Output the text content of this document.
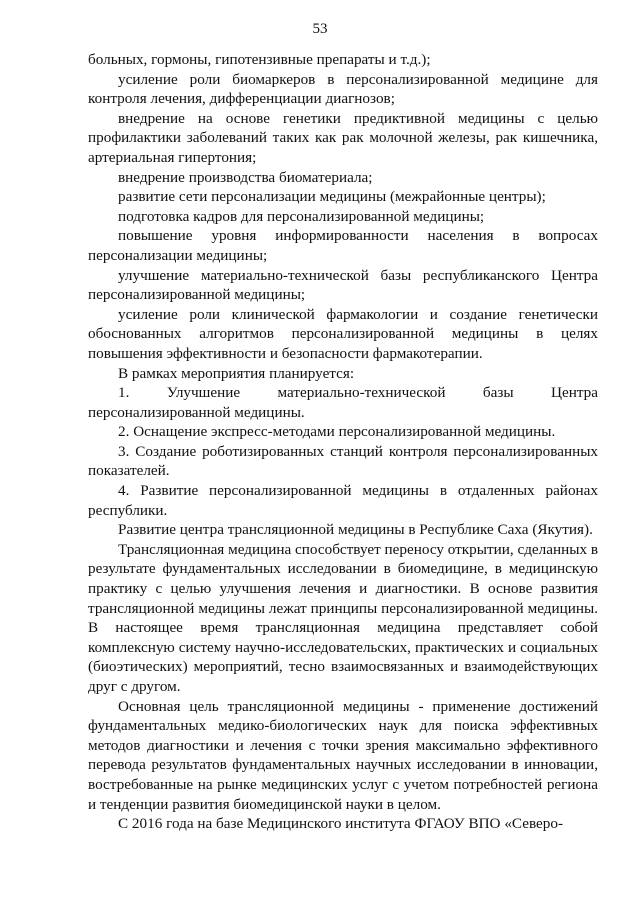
53

больных, гормоны, гипотензивные препараты и т.д.);

усиление роли биомаркеров в персонализированной медицине для контроля лечения, дифференциации диагнозов;

внедрение на основе генетики предиктивной медицины с целью профилактики заболеваний таких как рак молочной железы, рак кишечника, артериальная гипертония;

внедрение производства биоматериала;

развитие сети персонализации медицины (межрайонные центры);

подготовка кадров для персонализированной медицины;

повышение уровня информированности населения в вопросах персонализации медицины;

улучшение материально-технической базы республиканского Центра персонализированной медицины;

усиление роли клинической фармакологии и создание генетически обоснованных алгоритмов персонализированной медицины в целях повышения эффективности и безопасности фармакотерапии.

В рамках мероприятия планируется:

1. Улучшение материально-технической базы Центра персонализированной медицины.

2. Оснащение экспресс-методами персонализированной медицины.

3. Создание роботизированных станций контроля персонализированных показателей.

4. Развитие персонализированной медицины в отдаленных районах республики.

Развитие центра трансляционной медицины в Республике Саха (Якутия).

Трансляционная медицина способствует переносу открытии, сделанных в результате фундаментальных исследовании в биомедицине, в медицинскую практику с целью улучшения лечения и диагностики. В основе развития трансляционной медицины лежат принципы персонализированной медицины. В настоящее время трансляционная медицина представляет собой комплексную систему научно-исследовательских, практических и социальных (биоэтических) мероприятий, тесно взаимосвязанных и взаимодействующих друг с другом.

Основная цель трансляционной медицины - применение достижений фундаментальных медико-биологических наук для поиска эффективных методов диагностики и лечения с точки зрения максимально эффективного перевода результатов фундаментальных научных исследовании в инновации, востребованные на рынке медицинских услуг с учетом потребностей региона и тенденции развития биомедицинской науки в целом.

С 2016 года на базе Медицинского института ФГАОУ ВПО «Северо-
